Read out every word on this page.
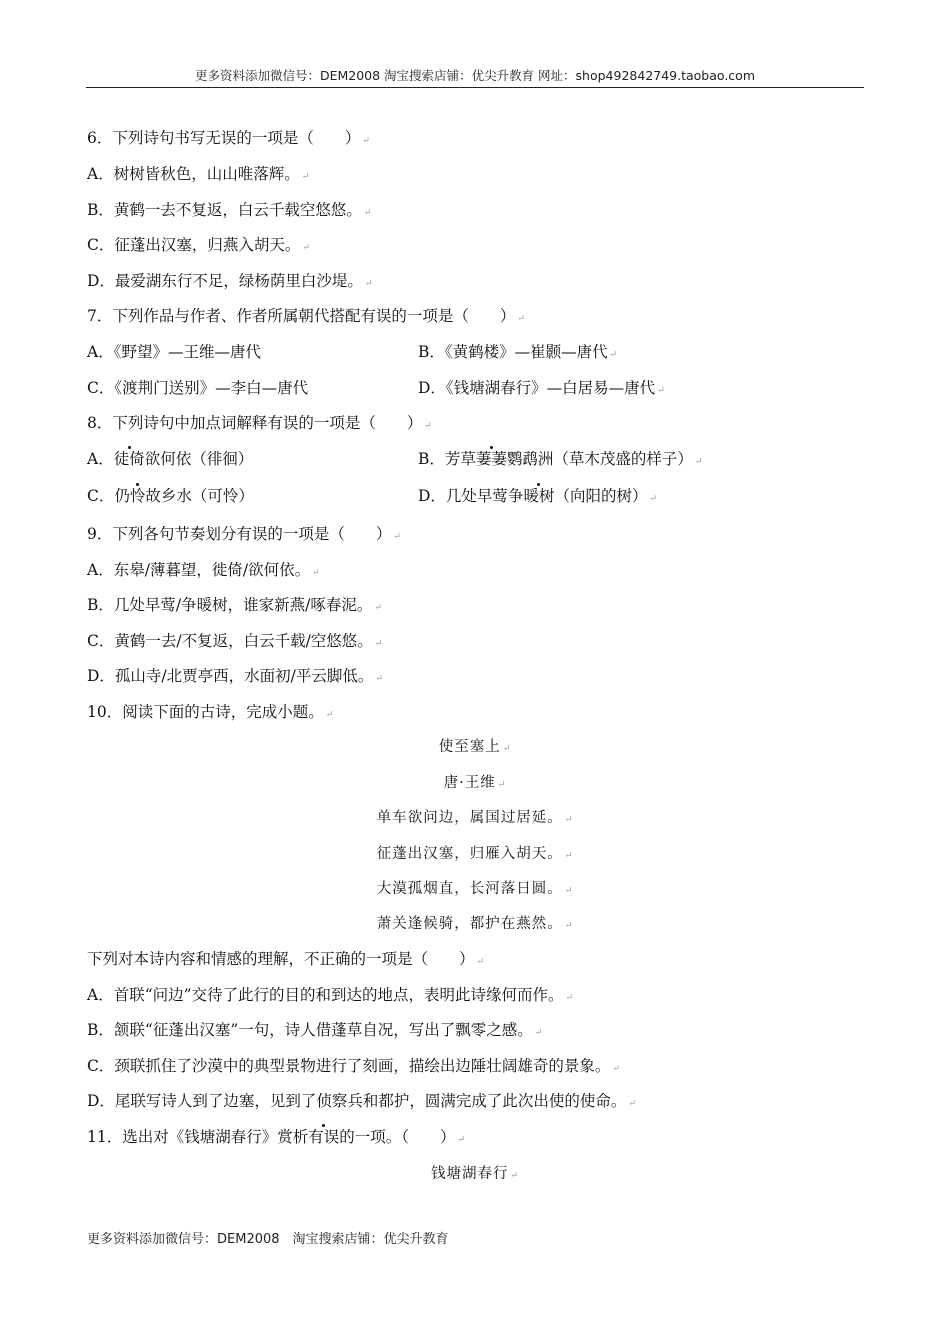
更多资料添加微信号：DEM2008 淘宝搜索店铺：优尖升教育 网址：shop492842749.taobao.com
6．下列诗句书写无误的一项是（　　） ↵
A．树树皆秋色，山山唯落辉。 ↵
B．黄鹤一去不复返，白云千载空悠悠。 ↵
C．征蓬出汉塞，归燕入胡天。 ↵
D．最爱湖东行不足，绿杨荫里白沙堤。 ↵
7．下列作品与作者、作者所属朝代搭配有误的一项是（　　） ↵
A．《野望》—王维—唐代	B．《黄鹤楼》—崔颢—唐代 ↵
C．《渡荆门送别》—李白—唐代	D．《钱塘湖春行》—白居易—唐代 ↵
8．下列诗句中加点词解释有误的一项是（　　） ↵
A．徒倚欲何依（徘徊）	B．芳草萋萋鹦鹉洲（草木茂盛的样子） ↵
C．仍怜故乡水（可怜）	D．几处早莺争暖树（向阳的树） ↵
9．下列各句节奏划分有误的一项是（　　） ↵
A．东皋/薄暮望，徙倚/欲何依。 ↵
B．几处早莺/争暖树，谁家新燕/啄春泥。 ↵
C．黄鹤一去/不复返，白云千载/空悠悠。 ↵
D．孤山寺/北贾亭西，水面初/平云脚低。 ↵
10．阅读下面的古诗，完成小题。 ↵
使至塞上 ↵
唐·王维 ↵
单车欲问边，属国过居延。 ↵
征蓬出汉塞，归雁入胡天。 ↵
大漠孤烟直，长河落日圆。 ↵
萧关逢候骑，都护在燕然。 ↵
下列对本诗内容和情感的理解，不正确的一项是（　　） ↵
A．首联“问边”交待了此行的目的和到达的地点，表明此诗缘何而作。 ↵
B．颔联“征蓬出汉塞”一句，诗人借蓬草自况，写出了飘零之感。 ↵
C．颈联抓住了沙漠中的典型景物进行了刻画，描绘出边陲壮阔雄奇的景象。 ↵
D．尾联写诗人到了边塞，见到了侦察兵和都护，圆满完成了此次出使的使命。 ↵
11．选出对《钱塘湖春行》赏析有误的一项。（　　） ↵
钱塘湖春行 ↵
更多资料添加微信号：DEM2008　淘宝搜索店铺：优尖升教育
